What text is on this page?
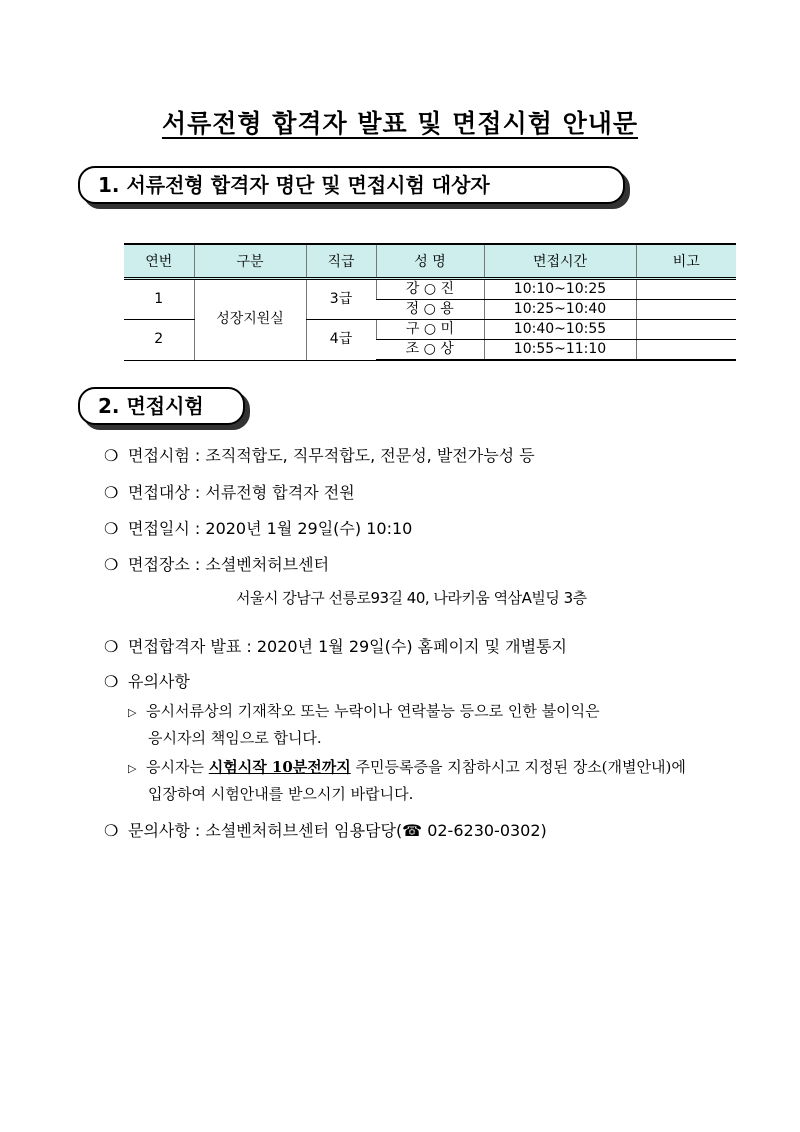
서류전형 합격자 발표 및 면접시험 안내문
1. 서류전형 합격자 명단 및 면접시험 대상자
연번	구분	직급	성 명	면접시간	비고
1	성장지원실	3급	강 ○ 진	10:10~10:25	
			정 ○ 용	10:25~10:40	
2		4급	구 ○ 미	10:40~10:55	
			조 ○ 상	10:55~11:10	
2. 면접시험
❍ 면접시험 : 조직적합도, 직무적합도, 전문성, 발전가능성 등
❍ 면접대상 : 서류전형 합격자 전원
❍ 면접일시 : 2020년 1월 29일(수) 10:10
❍ 면접장소 : 소셜벤처허브센터
서울시 강남구 선릉로93길 40, 나라키움 역삼A빌딩 3층
❍ 면접합격자 발표 : 2020년 1월 29일(수) 홈페이지 및 개별통지
❍ 유의사항
▷ 응시서류상의 기재착오 또는 누락이나 연락불능 등으로 인한 불이익은
응시자의 책임으로 합니다.
▷ 응시자는 시험시작 10분전까지 주민등록증을 지참하시고 지정된 장소(개별안내)에
입장하여 시험안내를 받으시기 바랍니다.
❍ 문의사항 : 소셜벤처허브센터 임용담당(☎ 02-6230-0302)
